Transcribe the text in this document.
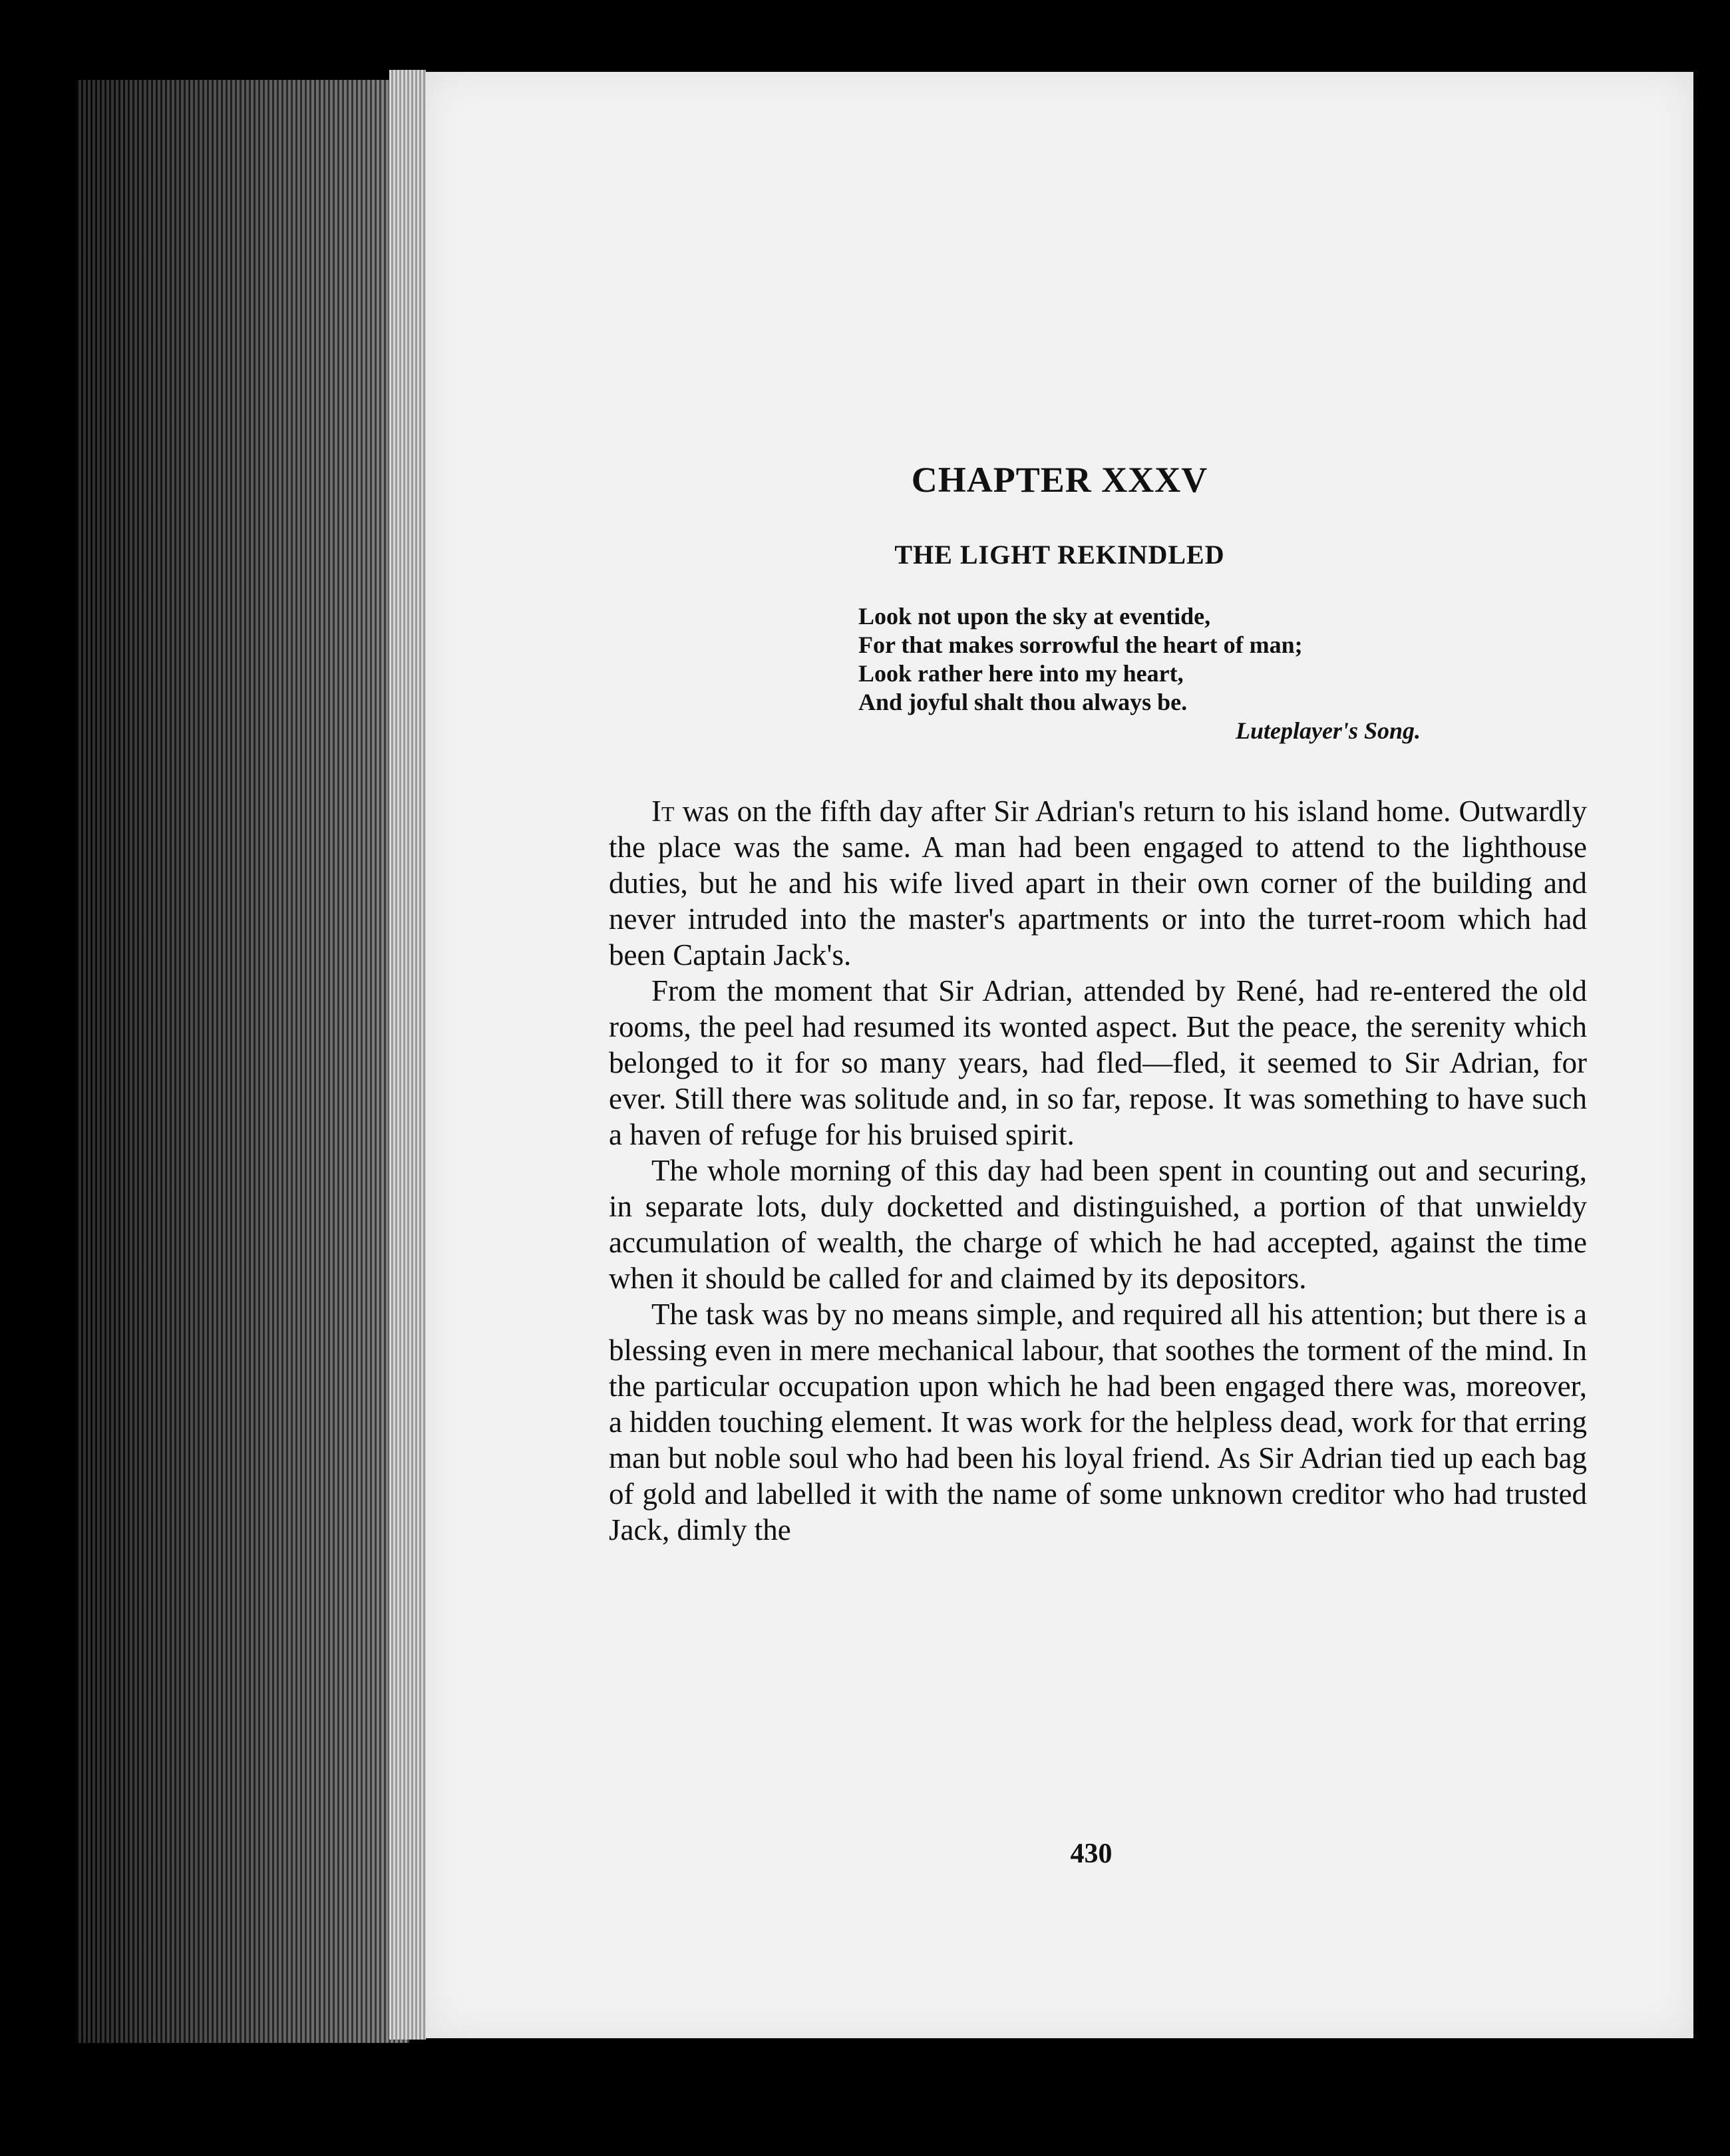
CHAPTER XXXV
THE LIGHT REKINDLED
Look not upon the sky at eventide,
For that makes sorrowful the heart of man;
Look rather here into my heart,
And joyful shalt thou always be.
Luteplayer's Song.

It was on the fifth day after Sir Adrian's return to his island home. Outwardly the place was the same. A man had been engaged to attend to the lighthouse duties, but he and his wife lived apart in their own corner of the building and never intruded into the master's apartments or into the turret-room which had been Captain Jack's.

From the moment that Sir Adrian, attended by René, had re-entered the old rooms, the peel had resumed its wonted aspect. But the peace, the serenity which belonged to it for so many years, had fled—fled, it seemed to Sir Adrian, for ever. Still there was solitude and, in so far, repose. It was something to have such a haven of refuge for his bruised spirit.

The whole morning of this day had been spent in counting out and securing, in separate lots, duly docketted and distinguished, a portion of that unwieldy accumulation of wealth, the charge of which he had accepted, against the time when it should be called for and claimed by its depositors.

The task was by no means simple, and required all his attention; but there is a blessing even in mere mechanical labour, that soothes the torment of the mind. In the particular occupation upon which he had been engaged there was, moreover, a hidden touching element. It was work for the helpless dead, work for that erring man but noble soul who had been his loyal friend. As Sir Adrian tied up each bag of gold and labelled it with the name of some unknown creditor who had trusted Jack, dimly the

430
